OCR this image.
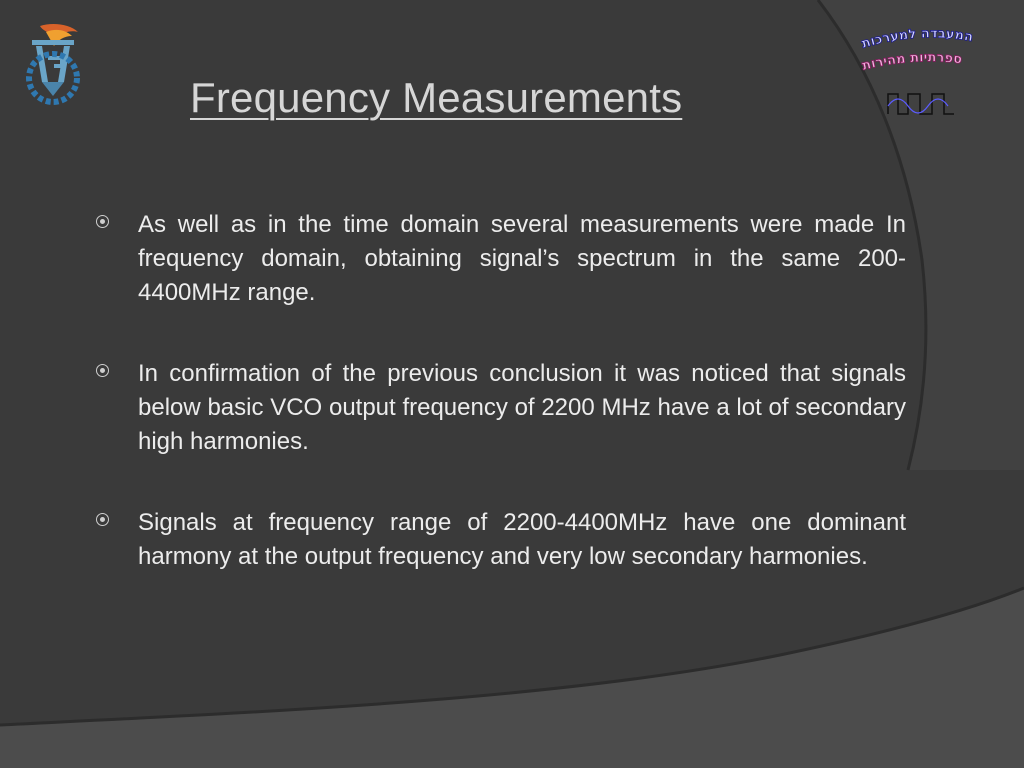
המעבדה למערכות
ספרתיות מהירות
Frequency Measurements
As well as in the time domain several measurements were made In frequency domain, obtaining signal’s spectrum in the same 200-4400MHz range.
In confirmation of the previous conclusion it was noticed that signals below basic VCO output frequency of 2200 MHz have a lot of secondary high harmonies.
Signals at frequency range of 2200-4400MHz have one dominant harmony at the output frequency and very low secondary harmonies.
